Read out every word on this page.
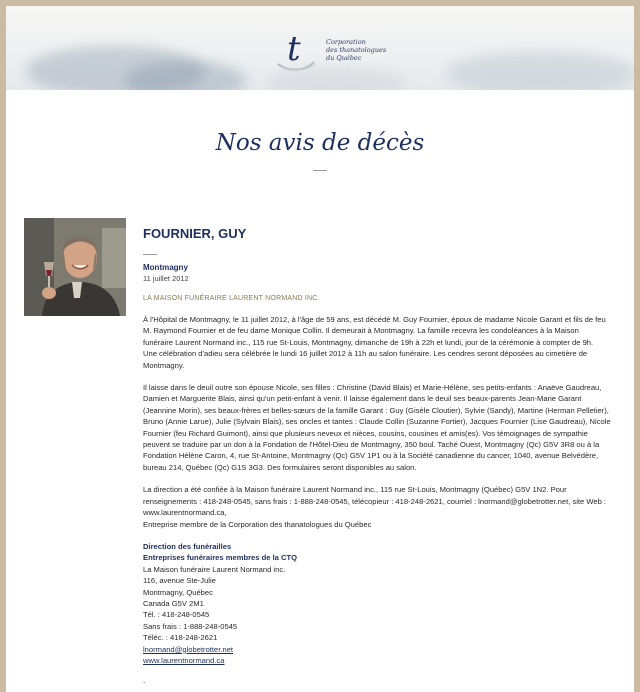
t	Corporation
des thanatologues
du Québec
Nos avis de décès
FOURNIER, GUY
Montmagny
11 juillet 2012
LA MAISON FUNÉRAIRE LAURENT NORMAND INC.
À l'Hôpital de Montmagny, le 11 juillet 2012, à l'âge de 59 ans, est décédé M. Guy Fournier, époux de madame Nicole Garant et fils de feu
M. Raymond Fournier et de feu dame Monique Collin. Il demeurait à Montmagny. La famille recevra les condoléances à la Maison
funéraire Laurent Normand inc., 115 rue St-Louis, Montmagny, dimanche de 19h à 22h et lundi, jour de la cérémonie à compter de 9h.
Une célébration d'adieu sera célébrée le lundi 16 juillet 2012 à 11h au salon funéraire. Les cendres seront déposées au cimetière de
Montmagny.
Il laisse dans le deuil outre son épouse Nicole, ses filles : Christine (David Blais) et Marie-Hélène, ses petits-enfants : Anaëve Gaudreau,
Damien et Marguerite Blais, ainsi qu'un petit-enfant à venir. Il laisse également dans le deuil ses beaux-parents Jean-Marie Garant
(Jeannine Morin), ses beaux-frères et belles-sœurs de la famille Garant : Guy (Gisèle Cloutier), Sylvie (Sandy), Martine (Herman Pelletier),
Bruno (Annie Larue), Julie (Sylvain Blais), ses oncles et tantes : Claude Collin (Suzanne Fortier), Jacques Fournier (Lise Gaudreau), Nicole
Fournier (feu Richard Guimont), ainsi que plusieurs neveux et nièces, cousins, cousines et amis(es). Vos témoignages de sympathie
peuvent se traduire par un don à la Fondation de l'Hôtel-Dieu de Montmagny, 350 boul. Taché Ouest, Montmagny (Qc) G5V 3R8 ou à la
Fondation Hélène Caron, 4, rue St-Antoine, Montmagny (Qc) G5V 1P1 ou à la Société canadienne du cancer, 1040, avenue Belvédère,
bureau 214, Québec (Qc) G1S 3G3. Des formulaires seront disponibles au salon.
La direction a été confiée à la Maison funéraire Laurent Normand inc., 115 rue St-Louis, Montmagny (Québec) G5V 1N2. Pour
renseignements : 418-248-0545, sans frais : 1-888-248-0545, télécopieur : 418-248-2621, courriel : lnormand@globetrotter.net, site Web :
www.laurentnormand.ca,
Entreprise membre de la Corporation des thanatologues du Québec
Direction des funérailles
Entreprises funéraires membres de la CTQ
La Maison funéraire Laurent Normand inc.
116, avenue Ste-Julie
Montmagny, Québec
Canada G5V 2M1
Tél. : 418-248-0545
Sans frais : 1-888-248-0545
Téléc. : 418-248-2621
lnormand@globetrotter.net
www.laurentnormand.ca
.
